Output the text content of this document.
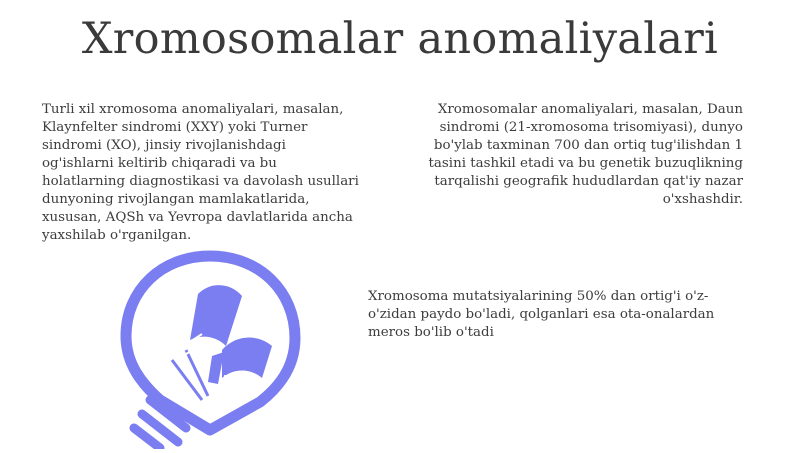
Xromosomalar anomaliyalari

Turli xil xromosoma anomaliyalari, masalan, Klaynfelter sindromi (XXY) yoki Turner sindromi (XO), jinsiy rivojlanishdagi og'ishlarni keltirib chiqaradi va bu holatlarning diagnostikasi va davolash usullari dunyoning rivojlangan mamlakatlarida, xususan, AQSh va Yevropa davlatlarida ancha yaxshilab o'rganilgan.

Xromosomalar anomaliyalari, masalan, Daun sindromi (21-xromosoma trisomiyasi), dunyo bo'ylab taxminan 700 dan ortiq tug'ilishdan 1 tasini tashkil etadi va bu genetik buzuqlikning tarqalishi geografik hududlardan qat'iy nazar o'xshashdir.

Xromosoma mutatsiyalarining 50% dan ortig'i o'z-o'zidan paydo bo'ladi, qolganlari esa ota-onalardan meros bo'lib o'tadi
